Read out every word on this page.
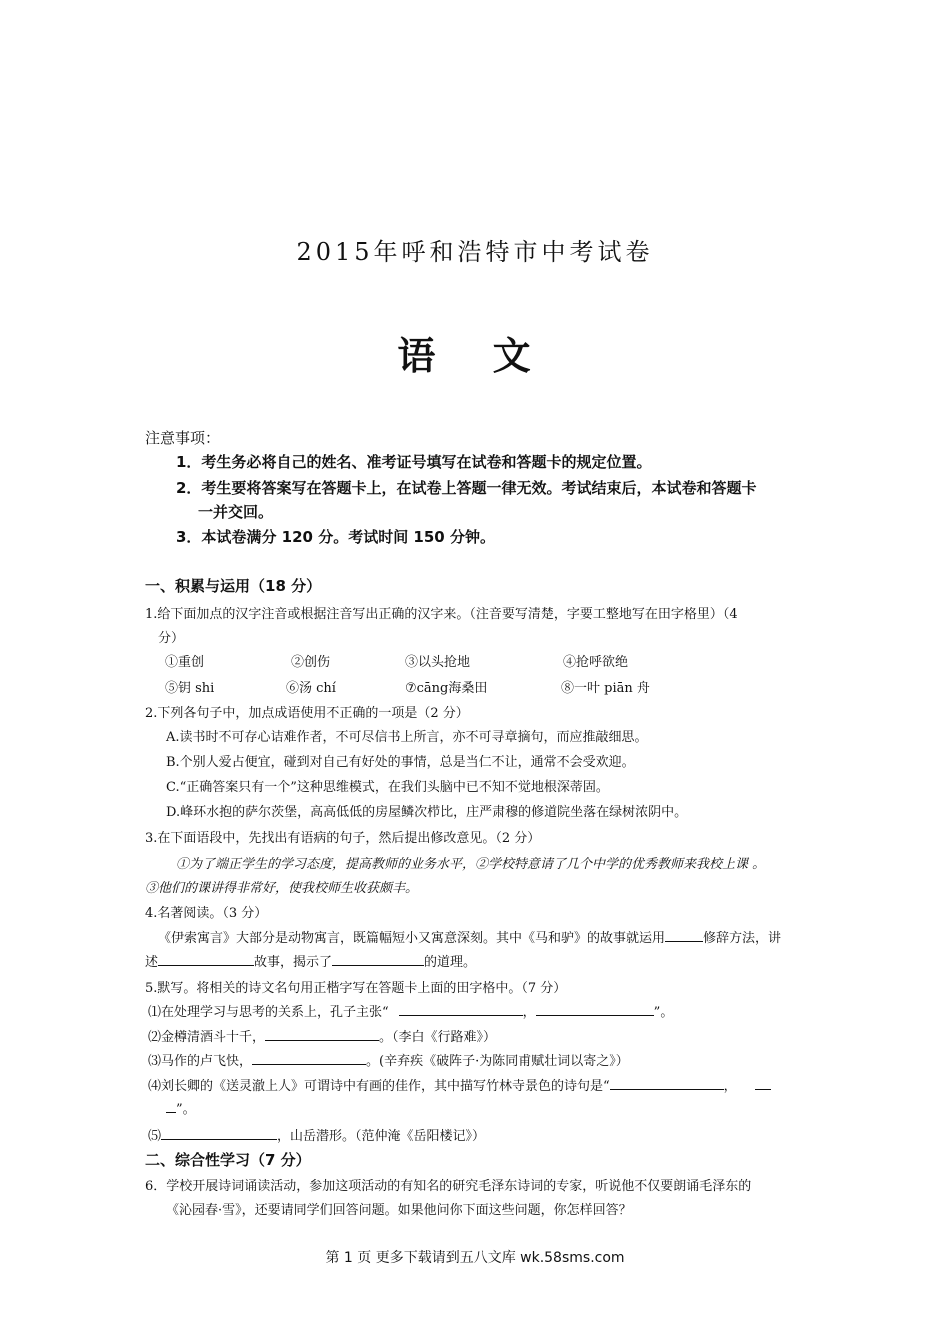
2015年呼和浩特市中考试卷
语 文
注意事项：
1．考生务必将自己的姓名、准考证号填写在试卷和答题卡的规定位置。
2．考生要将答案写在答题卡上，在试卷上答题一律无效。考试结束后，本试卷和答题卡
一并交回。
3．本试卷满分 120 分。考试时间 150 分钟。
一、积累与运用（18 分）
1.给下面加点的汉字注音或根据注音写出正确的汉字来。（注音要写清楚，字要工整地写在田字格里）（4
分）
①重创	②创伤	③以头抢地	④抢呼欲绝
⑤钥 shi	⑥汤 chí	⑦cāng海桑田	⑧一叶 piān 舟
2.下列各句子中，加点成语使用不正确的一项是（2 分）
A.读书时不可存心诘难作者，不可尽信书上所言，亦不可寻章摘句，而应推敲细思。
B.个别人爱占便宜，碰到对自己有好处的事情，总是当仁不让，通常不会受欢迎。
C.“正确答案只有一个”这种思维模式，在我们头脑中已不知不觉地根深蒂固。
D.峰环水抱的萨尔茨堡，高高低低的房屋鳞次栉比，庄严肃穆的修道院坐落在绿树浓阴中。
3.在下面语段中，先找出有语病的句子，然后提出修改意见。（2 分）
①为了端正学生的学习态度，提高教师的业务水平，②学校特意请了几个中学的优秀教师来我校上课 。
③他们的课讲得非常好，使我校师生收获颇丰。
4.名著阅读。（3 分）
《伊索寓言》大部分是动物寓言，既篇幅短小又寓意深刻。其中《马和驴》的故事就运用	修辞方法，讲
述	故事，揭示了	的道理。
5.默写。将相关的诗文名句用正楷字写在答题卡上面的田字格中。（7 分）
⑴在处理学习与思考的关系上，孔子主张“	，	”。
⑵金樽清酒斗十千，	。（李白《行路难》）
⑶马作的卢飞快，	。(辛弃疾《破阵子·为陈同甫赋壮词以寄之》）
⑷刘长卿的《送灵澈上人》可谓诗中有画的佳作，其中描写竹林寺景色的诗句是“	，
”。
⑸	，山岳潜形。（范仲淹《岳阳楼记》）
二、综合性学习（7 分）
6．学校开展诗词诵读活动，参加这项活动的有知名的研究毛泽东诗词的专家，听说他不仅要朗诵毛泽东的
《沁园春·雪》，还要请同学们回答问题。如果他问你下面这些问题，你怎样回答？
第 1 页 更多下载请到五八文库 wk.58sms.com
